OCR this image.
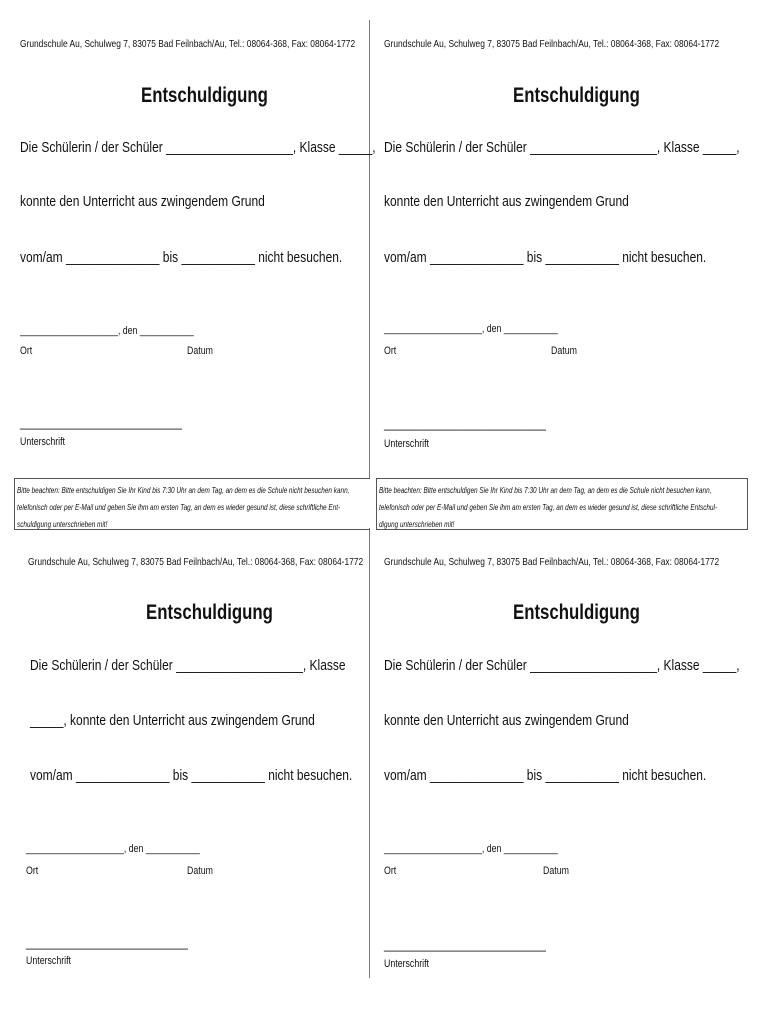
Grundschule Au, Schulweg 7, 83075 Bad Feilnbach/Au, Tel.: 08064-368, Fax: 08064-1772
Entschuldigung
Die Schülerin / der Schüler ___________________, Klasse _____,
konnte den Unterricht aus zwingendem Grund
vom/am ______________ bis ___________ nicht besuchen.
____________________, den ___________
Ort	Datum
____________________________
Unterschrift
Grundschule Au, Schulweg 7, 83075 Bad Feilnbach/Au, Tel.: 08064-368, Fax: 08064-1772
Entschuldigung
Die Schülerin / der Schüler ___________________, Klasse _____,
konnte den Unterricht aus zwingendem Grund
vom/am ______________ bis ___________ nicht besuchen.
____________________, den ___________
Ort	Datum
____________________________
Unterschrift
Bitte beachten: Bitte entschuldigen Sie Ihr Kind bis 7:30 Uhr an dem Tag, an dem es die Schule nicht besuchen kann,
telefonisch oder per E-Mail und geben Sie ihm am ersten Tag, an dem es wieder gesund ist, diese schriftliche Ent-
schuldigung unterschrieben mit!
Bitte beachten: Bitte entschuldigen Sie Ihr Kind bis 7:30 Uhr an dem Tag, an dem es die Schule nicht besuchen kann,
telefonisch oder per E-Mail und geben Sie ihm am ersten Tag, an dem es wieder gesund ist, diese schriftliche Entschul-
digung unterschrieben mit!
Grundschule Au, Schulweg 7, 83075 Bad Feilnbach/Au, Tel.: 08064-368, Fax: 08064-1772
Entschuldigung
Die Schülerin / der Schüler ___________________, Klasse
_____, konnte den Unterricht aus zwingendem Grund
vom/am ______________ bis ___________ nicht besuchen.
____________________, den ___________
Ort	Datum
____________________________
Unterschrift
Grundschule Au, Schulweg 7, 83075 Bad Feilnbach/Au, Tel.: 08064-368, Fax: 08064-1772
Entschuldigung
Die Schülerin / der Schüler ___________________, Klasse _____,
konnte den Unterricht aus zwingendem Grund
vom/am ______________ bis ___________ nicht besuchen.
____________________, den ___________
Ort	Datum
____________________________
Unterschrift
